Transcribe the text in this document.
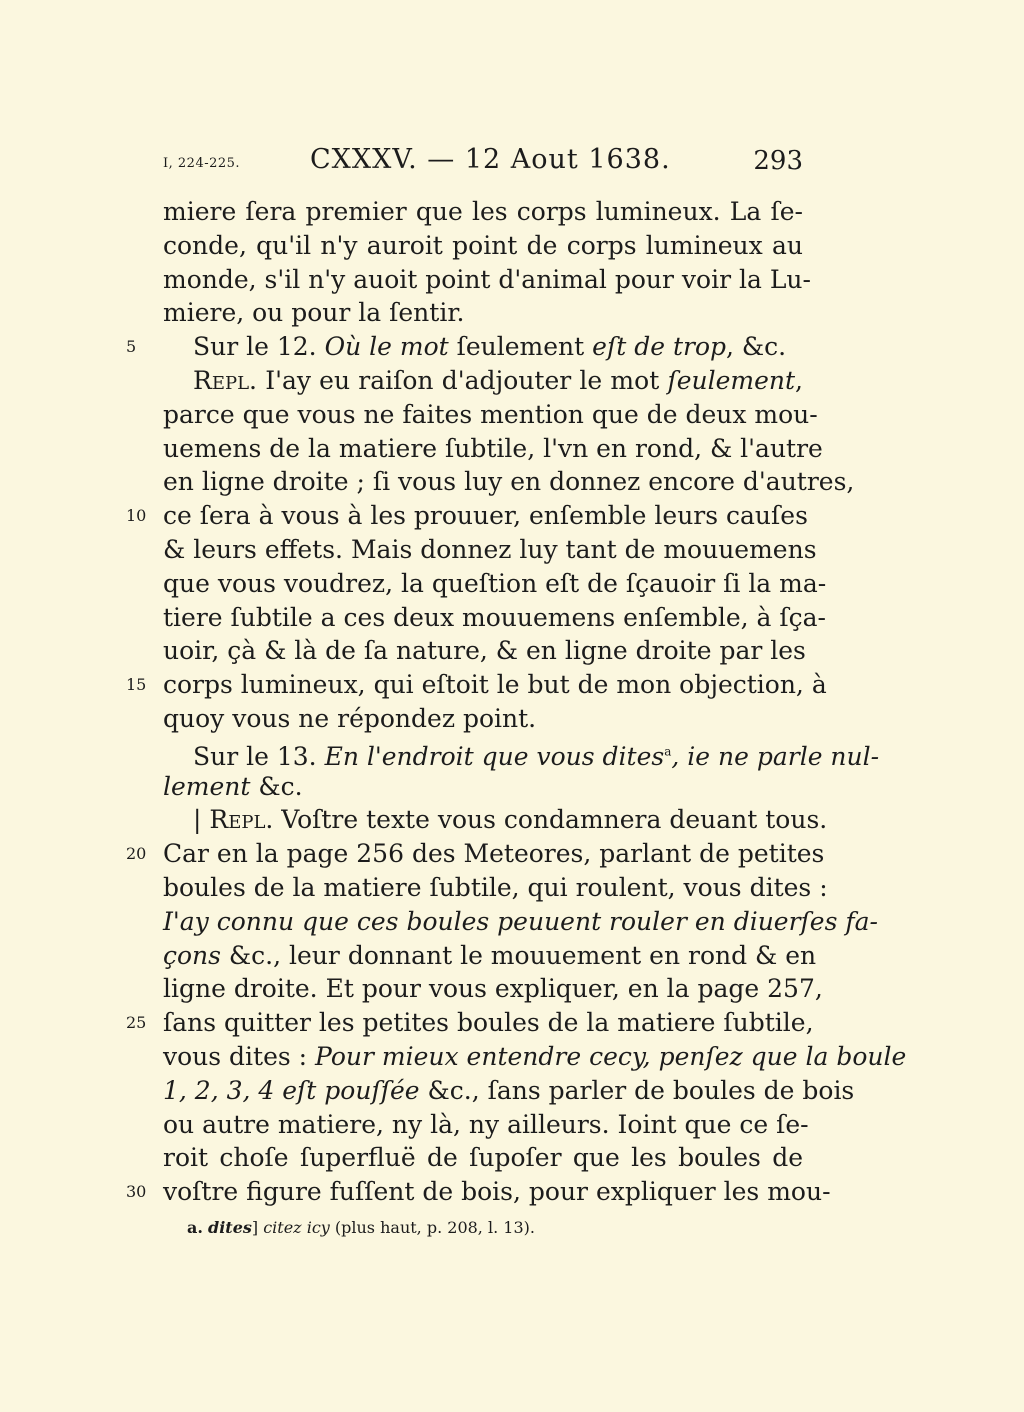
I, 224-225.	CXXXV. — 12 Aout 1638.	293
miere ſera premier que les corps lumineux. La ſe-
conde, qu'il n'y auroit point de corps lumineux au
monde, s'il n'y auoit point d'animal pour voir la Lu-
miere, ou pour la ſentir.
5	Sur le 12. Où le mot ſeulement eſt de trop, &c.
Repl. I'ay eu raiſon d'adjouter le mot ſeulement,
parce que vous ne faites mention que de deux mou-
uemens de la matiere ſubtile, l'vn en rond, & l'autre
en ligne droite ; ſi vous luy en donnez encore d'autres,
10 ce ſera à vous à les prouuer, enſemble leurs cauſes
& leurs effets. Mais donnez luy tant de mouuemens
que vous voudrez, la queſtion eſt de ſçauoir ſi la ma-
tiere ſubtile a ces deux mouuemens enſemble, à ſça-
uoir, çà & là de ſa nature, & en ligne droite par les
15 corps lumineux, qui eſtoit le but de mon objection, à
quoy vous ne répondez point.
Sur le 13. En l'endroit que vous dites$^a$, ie ne parle nul-
lement &c.
| Repl. Voſtre texte vous condamnera deuant tous.
20 Car en la page 256 des Meteores, parlant de petites
boules de la matiere ſubtile, qui roulent, vous dites :
I'ay connu que ces boules peuuent rouler en diuerſes fa-
çons &c., leur donnant le mouuement en rond & en
ligne droite. Et pour vous expliquer, en la page 257,
25 ſans quitter les petites boules de la matiere ſubtile,
vous dites : Pour mieux entendre cecy, penſez que la boule
1, 2, 3, 4 eſt pouſſée &c., ſans parler de boules de bois
ou autre matiere, ny là, ny ailleurs. Ioint que ce ſe-
roit choſe ſuperfluë de ſupoſer que les boules de
30 voſtre figure fuſſent de bois, pour expliquer les mou-
a. dites] citez icy (plus haut, p. 208, l. 13).
